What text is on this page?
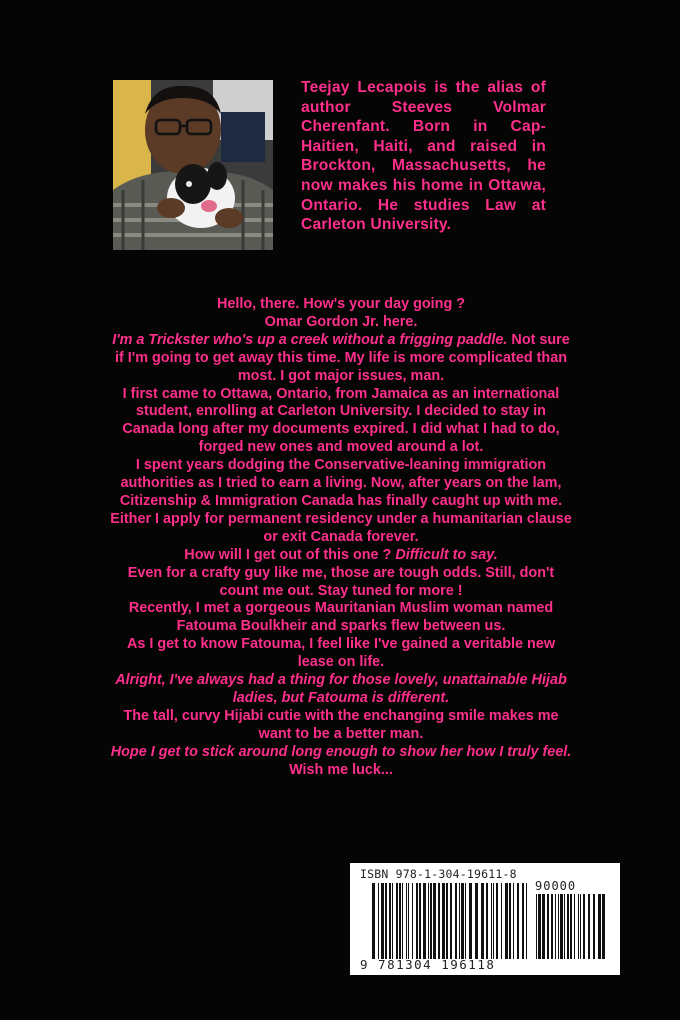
Teejay Lecapois is the alias of author Steeves Volmar Cherenfant. Born in Cap-Haitien, Haiti, and raised in Brockton, Massachusetts, he now makes his home in Ottawa, Ontario. He studies Law at Carleton University.

Hello, there. How's your day going ?

Omar Gordon Jr. here.

I'm a Trickster who's up a creek without a frigging paddle. Not sure if I'm going to get away this time. My life is more complicated than most. I got major issues, man.

I first came to Ottawa, Ontario, from Jamaica as an international student, enrolling at Carleton University. I decided to stay in Canada long after my documents expired. I did what I had to do, forged new ones and moved around a lot.

I spent years dodging the Conservative-leaning immigration authorities as I tried to earn a living. Now, after years on the lam, Citizenship & Immigration Canada has finally caught up with me.

Either I apply for permanent residency under a humanitarian clause or exit Canada forever.

How will I get out of this one ? Difficult to say.

Even for a crafty guy like me, those are tough odds. Still, don't count me out. Stay tuned for more !

Recently, I met a gorgeous Mauritanian Muslim woman named Fatouma Boulkheir and sparks flew between us.

As I get to know Fatouma, I feel like I've gained a veritable new lease on life.

Alright, I've always had a thing for those lovely, unattainable Hijab ladies, but Fatouma is different.

The tall, curvy Hijabi cutie with the enchanging smile makes me want to be a better man.

Hope I get to stick around long enough to show her how I truly feel.

Wish me luck...

ISBN 978-1-304-19611-8
90000
9 781304 196118
